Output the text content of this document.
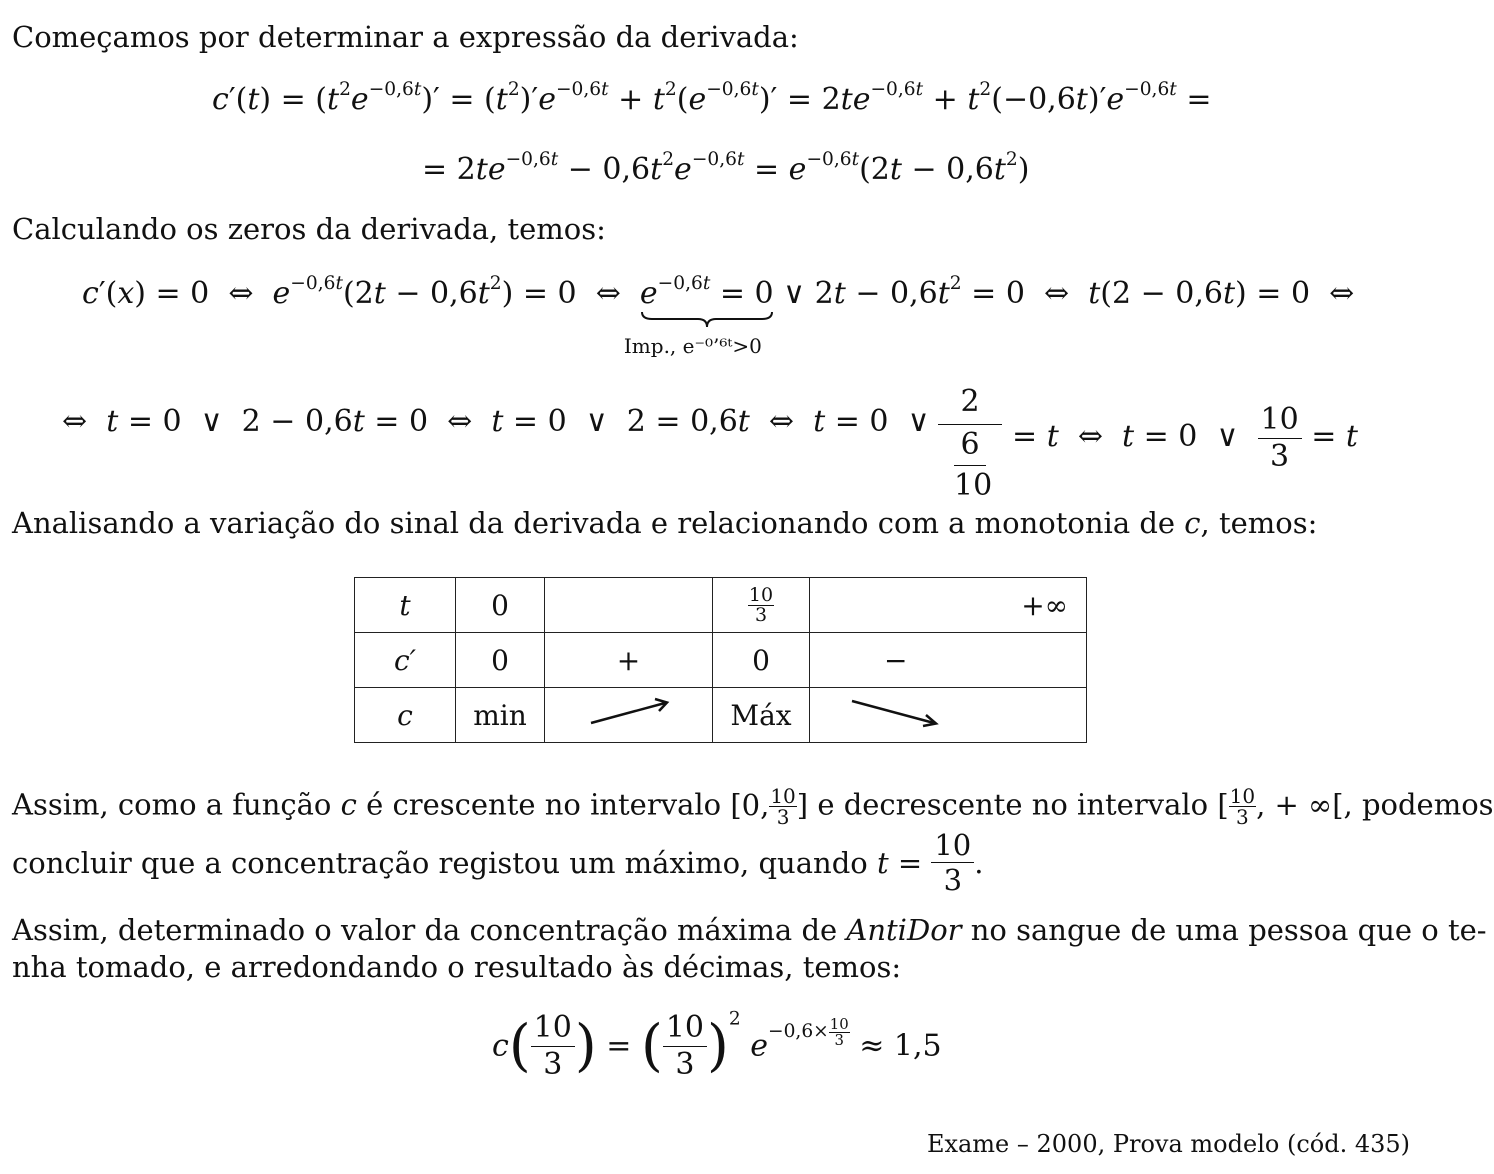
Começamos por determinar a expressão da derivada:
$c'(t) = (t^2e^{-0,6t})' = (t^2)'e^{-0,6t} + t^2(e^{-0,6t})' = 2te^{-0,6t} + t^2(-0,6t)'e^{-0,6t}$ =
= $2te^{-0,6t} - 0,6t^2e^{-0,6t} = e^{-0,6t}(2t - 0,6t^2)$
Calculando os zeros da derivada, temos:
c′(x) = 0  ⇔  $e^{-0,6t}(2t - 0,6t^2) = 0$  ⇔  $e^{-0,6t} = 0$
Imp., e⁻⁰’⁶ᵗ>0
∨ $2t - 0,6t^2 = 0$  ⇔  t(2 − 0,6t) = 0  ⇔
⇔  t = 0  ∨  2 − 0,6t = 0  ⇔  t = 0  ∨  2 = 0,6t  ⇔  t = 0  ∨
2
6
10
= t  ⇔  t = 0  ∨ $\frac{10}{3} = t$
Analisando a variação do sinal da derivada e relacionando com a monotonia de c, temos:
t	0		$\frac{10}{3}$	+∞
c′	0	+	0	−
c	min		Máx	
Assim, como a função c é crescente no intervalo [0, $\frac{10}{3}$ ] e decrescente no intervalo [ $\frac{10}{3}$ , + ∞[, podemos
concluir que a concentração registou um máximo, quando $t = \frac{10}{3}$ .
Assim, determinado o valor da concentração máxima de AntiDor no sangue de uma pessoa que o te-
nha tomado, e arredondando o resultado às décimas, temos:
$c( \frac{10}{3}$ ) = ( $\frac{10}{3} )^2$ $e^{-0,6\times \frac{10}{3}} \approx 1,5$
Exame – 2000, Prova modelo (cód. 435)
